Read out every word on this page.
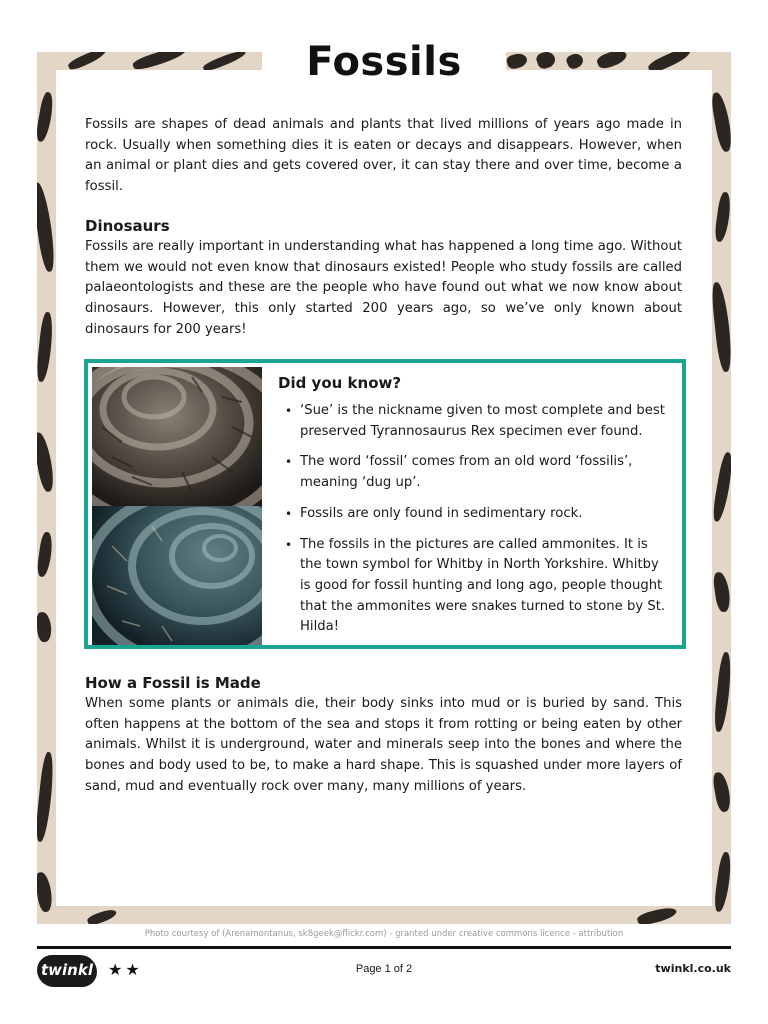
Fossils

Fossils are shapes of dead animals and plants that lived millions of years ago made in rock. Usually when something dies it is eaten or decays and disappears. However, when an animal or plant dies and gets covered over, it can stay there and over time, become a fossil.

Dinosaurs

Fossils are really important in understanding what has happened a long time ago. Without them we would not even know that dinosaurs existed! People who study fossils are called palaeontologists and these are the people who have found out what we now know about dinosaurs. However, this only started 200 years ago, so we’ve only known about dinosaurs for 200 years!

Did you know?
• ‘Sue’ is the nickname given to most complete and best preserved Tyrannosaurus Rex specimen ever found.
• The word ‘fossil’ comes from an old word ‘fossilis’, meaning ‘dug up’.
• Fossils are only found in sedimentary rock.
• The fossils in the pictures are called ammonites. It is the town symbol for Whitby in North Yorkshire. Whitby is good for fossil hunting and long ago, people thought that the ammonites were snakes turned to stone by St. Hilda!
How a Fossil is Made

When some plants or animals die, their body sinks into mud or is buried by sand. This often happens at the bottom of the sea and stops it from rotting or being eaten by other animals. Whilst it is underground, water and minerals seep into the bones and where the bones and body used to be, to make a hard shape. This is squashed under more layers of sand, mud and eventually rock over many, many millions of years.

Photo courtesy of (Arenamontanus, sk8geek@flickr.com) - granted under creative commons licence - attribution
twinkl ★★	Page 1 of 2	twinkl.co.uk
